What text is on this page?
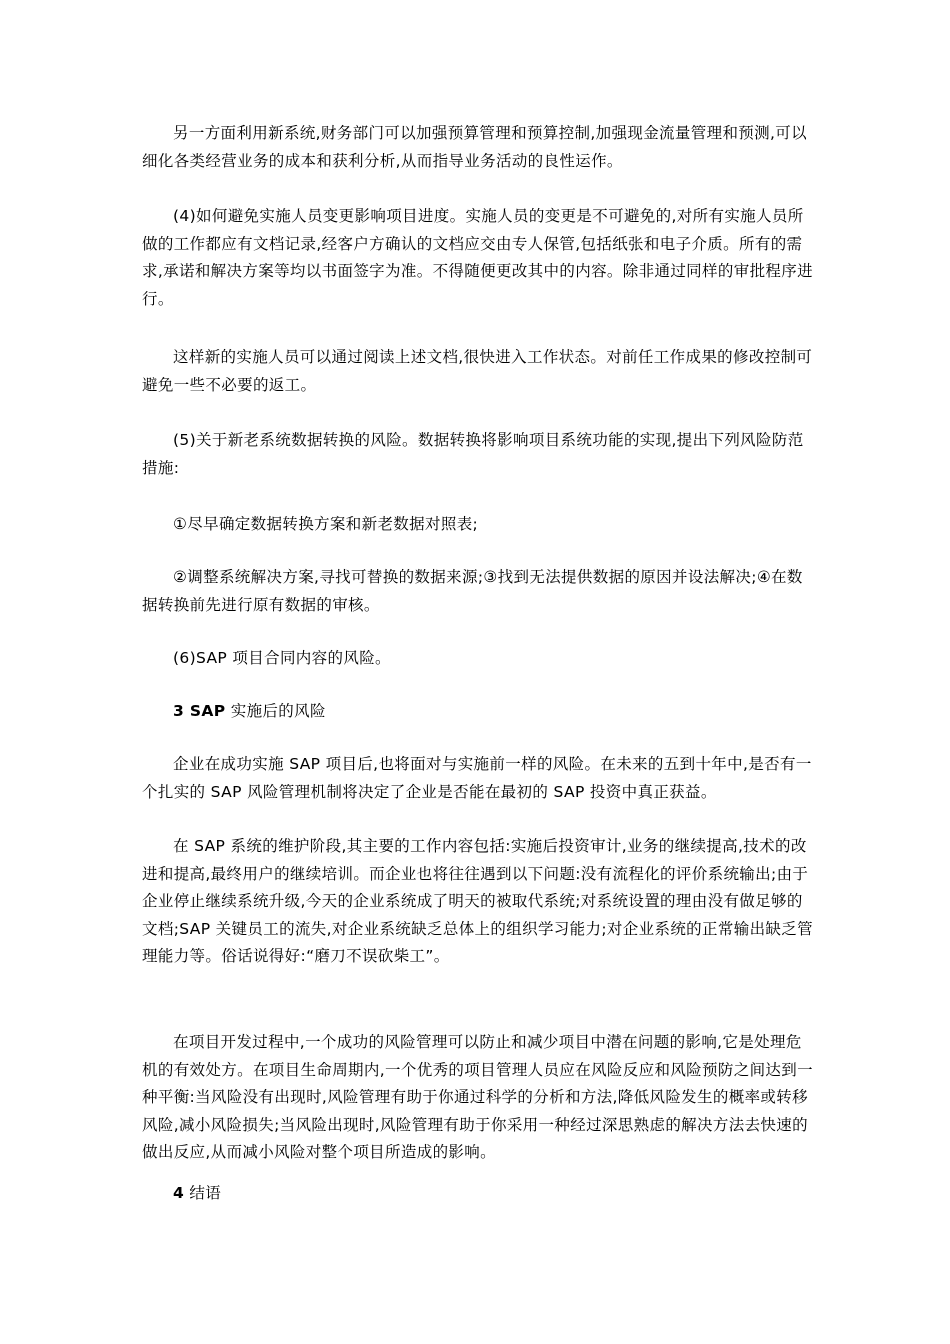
另一方面利用新系统,财务部门可以加强预算管理和预算控制,加强现金流量管理和预测,可以细化各类经营业务的成本和获利分析,从而指导业务活动的良性运作。

(4)如何避免实施人员变更影响项目进度。实施人员的变更是不可避免的,对所有实施人员所做的工作都应有文档记录,经客户方确认的文档应交由专人保管,包括纸张和电子介质。所有的需求,承诺和解决方案等均以书面签字为准。不得随便更改其中的内容。除非通过同样的审批程序进行。

这样新的实施人员可以通过阅读上述文档,很快进入工作状态。对前任工作成果的修改控制可避免一些不必要的返工。

(5)关于新老系统数据转换的风险。数据转换将影响项目系统功能的实现,提出下列风险防范措施:

①尽早确定数据转换方案和新老数据对照表;

②调整系统解决方案,寻找可替换的数据来源;③找到无法提供数据的原因并设法解决;④在数据转换前先进行原有数据的审核。

(6)SAP 项目合同内容的风险。

3 SAP 实施后的风险

企业在成功实施 SAP 项目后,也将面对与实施前一样的风险。在未来的五到十年中,是否有一个扎实的 SAP 风险管理机制将决定了企业是否能在最初的 SAP 投资中真正获益。

在 SAP 系统的维护阶段,其主要的工作内容包括:实施后投资审计,业务的继续提高,技术的改进和提高,最终用户的继续培训。而企业也将往往遇到以下问题:没有流程化的评价系统输出;由于企业停止继续系统升级,今天的企业系统成了明天的被取代系统;对系统设置的理由没有做足够的文档;SAP 关键员工的流失,对企业系统缺乏总体上的组织学习能力;对企业系统的正常输出缺乏管理能力等。俗话说得好:“磨刀不误砍柴工”。

在项目开发过程中,一个成功的风险管理可以防止和减少项目中潜在问题的影响,它是处理危机的有效处方。在项目生命周期内,一个优秀的项目管理人员应在风险反应和风险预防之间达到一种平衡:当风险没有出现时,风险管理有助于你通过科学的分析和方法,降低风险发生的概率或转移风险,减小风险损失;当风险出现时,风险管理有助于你采用一种经过深思熟虑的解决方法去快速的做出反应,从而减小风险对整个项目所造成的影响。

4 结语
